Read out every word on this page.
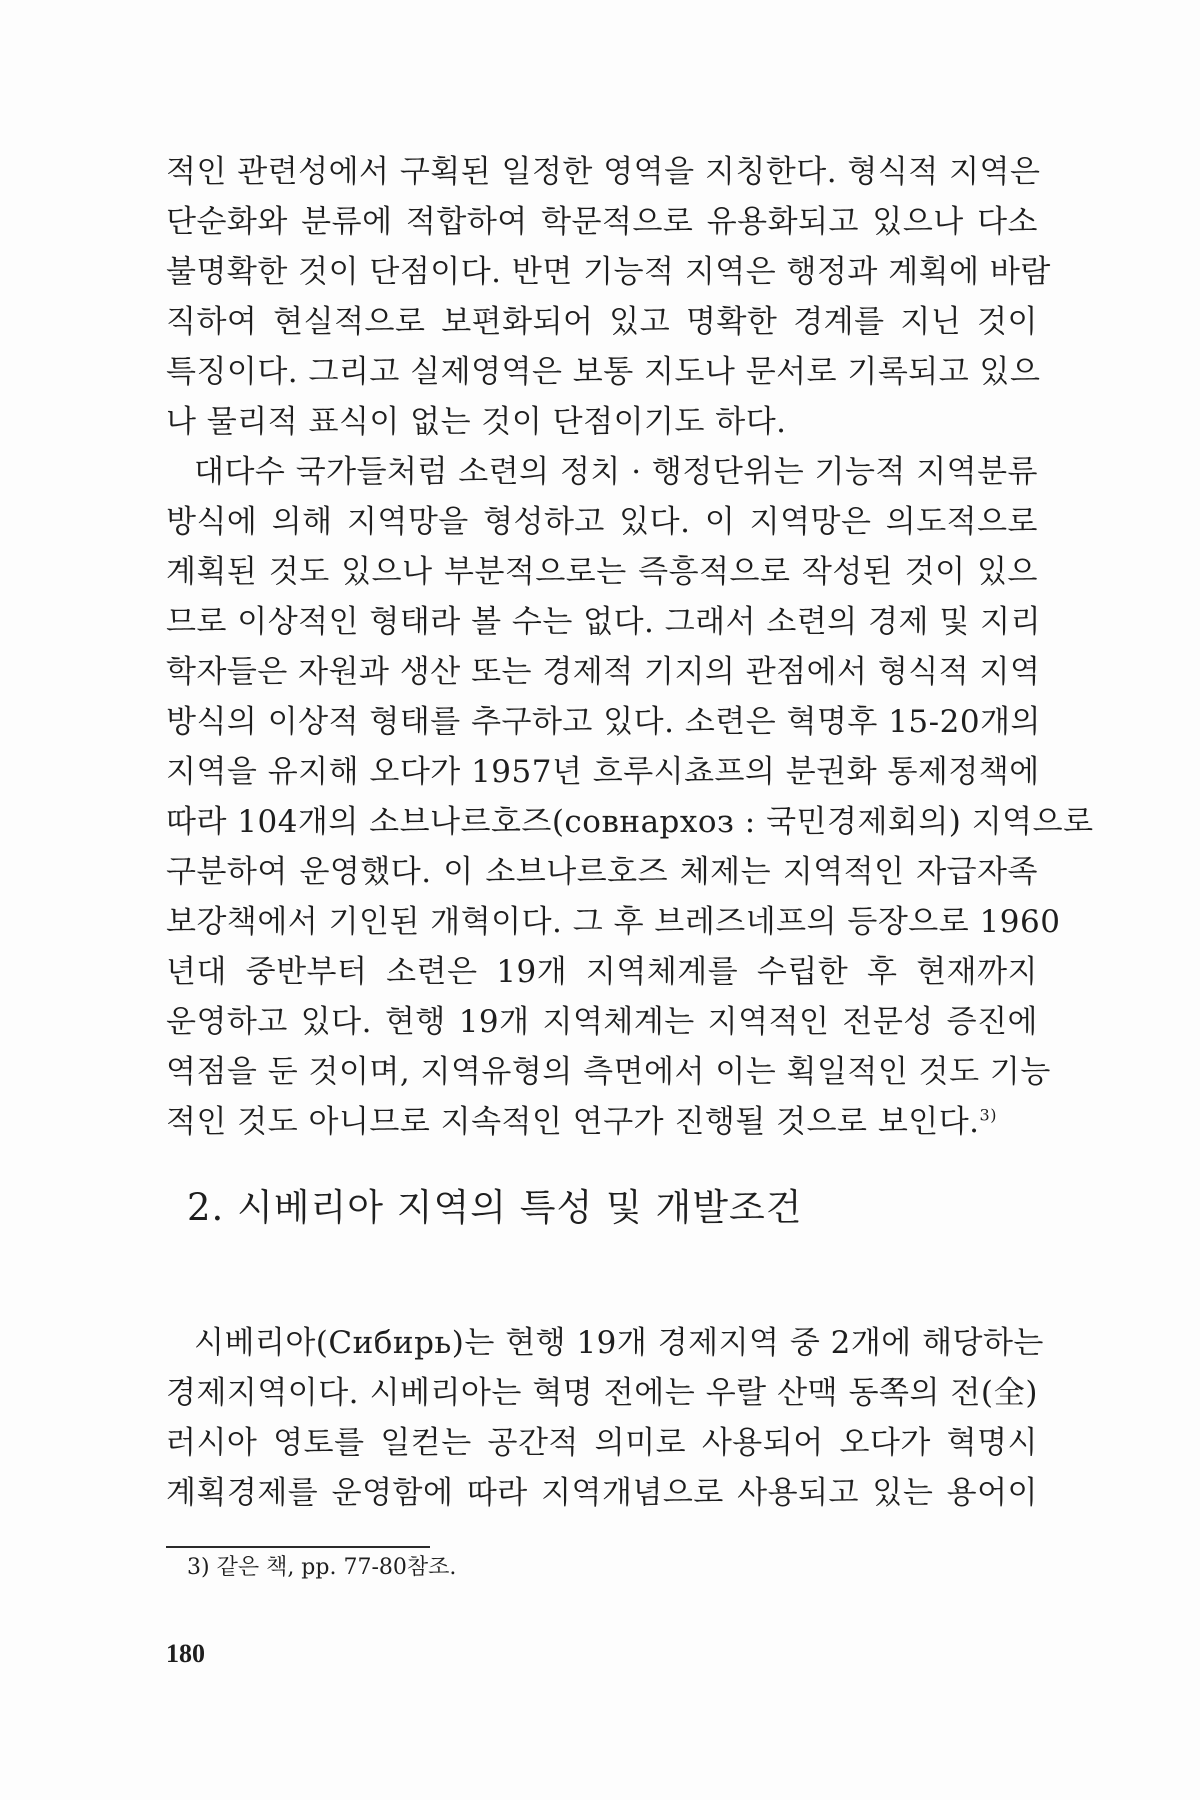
적인 관련성에서 구획된 일정한 영역을 지칭한다. 형식적 지역은
단순화와 분류에 적합하여 학문적으로 유용화되고 있으나 다소
불명확한 것이 단점이다. 반면 기능적 지역은 행정과 계획에 바람
직하여 현실적으로 보편화되어 있고 명확한 경계를 지닌 것이
특징이다. 그리고 실제영역은 보통 지도나 문서로 기록되고 있으
나 물리적 표식이 없는 것이 단점이기도 하다.
대다수 국가들처럼 소련의 정치 · 행정단위는 기능적 지역분류
방식에 의해 지역망을 형성하고 있다. 이 지역망은 의도적으로
계획된 것도 있으나 부분적으로는 즉흥적으로 작성된 것이 있으
므로 이상적인 형태라 볼 수는 없다. 그래서 소련의 경제 및 지리
학자들은 자원과 생산 또는 경제적 기지의 관점에서 형식적 지역
방식의 이상적 형태를 추구하고 있다. 소련은 혁명후 15-20개의
지역을 유지해 오다가 1957년 흐루시쵸프의 분권화 통제정책에
따라 104개의 소브나르호즈(совнархоз : 국민경제회의) 지역으로
구분하여 운영했다. 이 소브나르호즈 체제는 지역적인 자급자족
보강책에서 기인된 개혁이다. 그 후 브레즈네프의 등장으로 1960
년대 중반부터 소련은 19개 지역체계를 수립한 후 현재까지
운영하고 있다. 현행 19개 지역체계는 지역적인 전문성 증진에
역점을 둔 것이며, 지역유형의 측면에서 이는 획일적인 것도 기능
적인 것도 아니므로 지속적인 연구가 진행될 것으로 보인다.$^{3)}$
2. 시베리아 지역의 특성 및 개발조건
시베리아(Сибирь)는 현행 19개 경제지역 중 2개에 해당하는
경제지역이다. 시베리아는 혁명 전에는 우랄 산맥 동쪽의 전(全)
러시아 영토를 일컫는 공간적 의미로 사용되어 오다가 혁명시
계획경제를 운영함에 따라 지역개념으로 사용되고 있는 용어이
3) 같은 책, pp. 77-80참조.
180
